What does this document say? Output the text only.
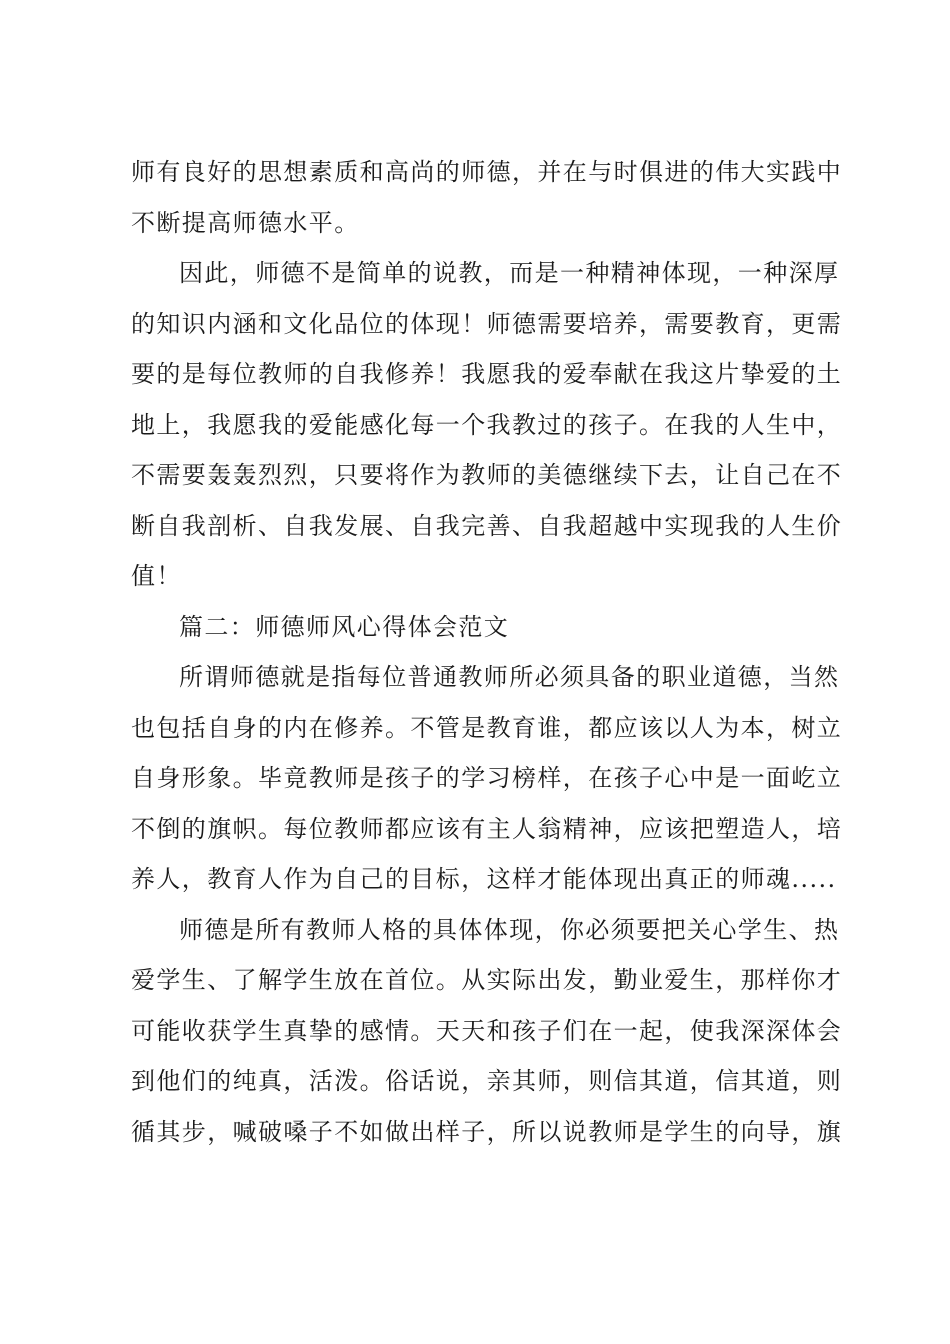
师有良好的思想素质和高尚的师德，并在与时俱进的伟大实践中
不断提高师德水平。
因此，师德不是简单的说教，而是一种精神体现，一种深厚
的知识内涵和文化品位的体现！师德需要培养，需要教育，更需
要的是每位教师的自我修养！我愿我的爱奉献在我这片挚爱的土
地上，我愿我的爱能感化每一个我教过的孩子。在我的人生中，
不需要轰轰烈烈，只要将作为教师的美德继续下去，让自己在不
断自我剖析、自我发展、自我完善、自我超越中实现我的人生价
值！
篇二：师德师风心得体会范文
所谓师德就是指每位普通教师所必须具备的职业道德，当然
也包括自身的内在修养。不管是教育谁，都应该以人为本，树立
自身形象。毕竟教师是孩子的学习榜样，在孩子心中是一面屹立
不倒的旗帜。每位教师都应该有主人翁精神，应该把塑造人，培
养人，教育人作为自己的目标，这样才能体现出真正的师魂.....
师德是所有教师人格的具体体现，你必须要把关心学生、热
爱学生、了解学生放在首位。从实际出发，勤业爱生，那样你才
可能收获学生真挚的感情。天天和孩子们在一起，使我深深体会
到他们的纯真，活泼。俗话说，亲其师，则信其道，信其道，则
循其步，喊破嗓子不如做出样子，所以说教师是学生的向导，旗
